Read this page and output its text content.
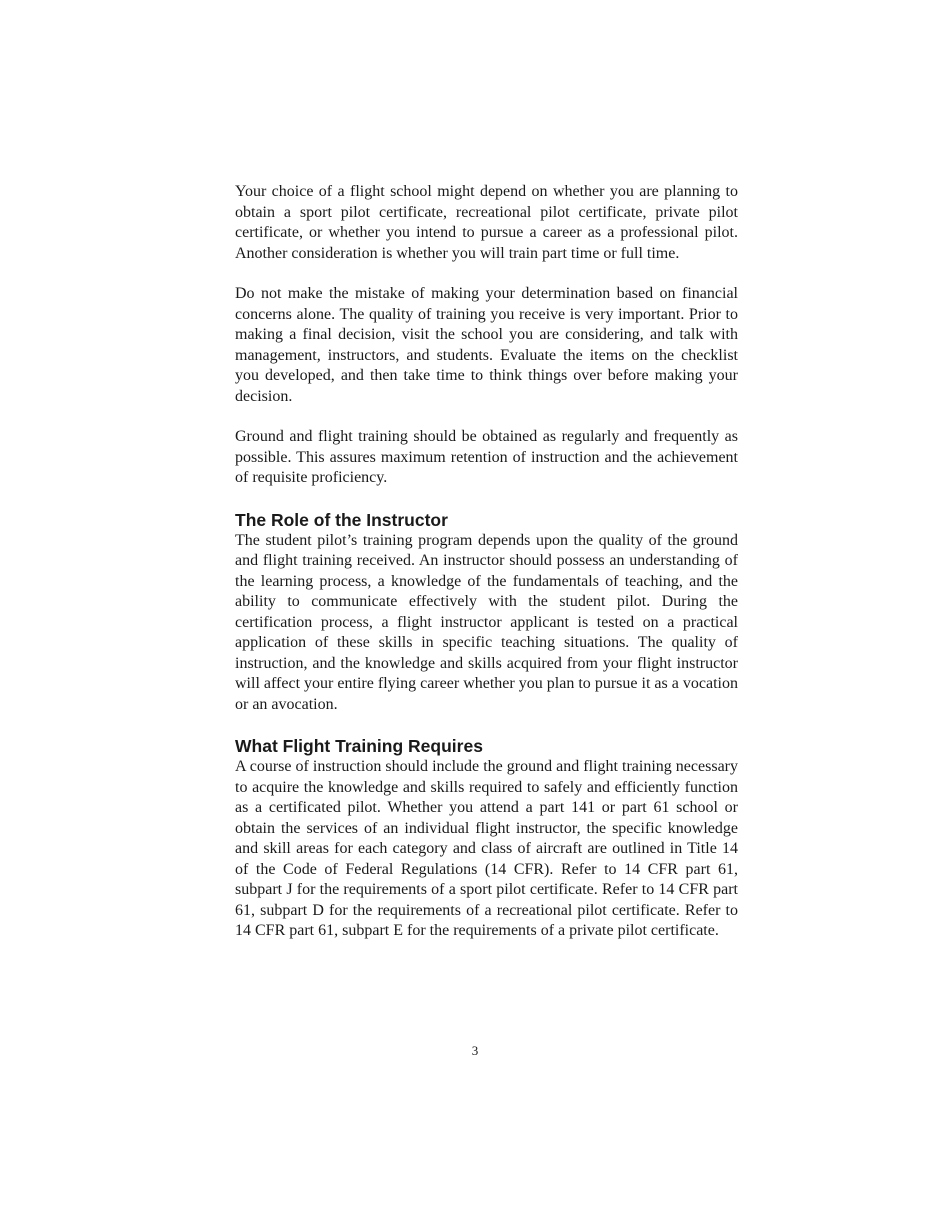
Your choice of a flight school might depend on whether you are planning to obtain a sport pilot certificate, recreational pilot certificate, private pilot certificate, or whether you intend to pursue a career as a professional pilot. Another consideration is whether you will train part time or full time.

Do not make the mistake of making your determination based on financial concerns alone. The quality of training you receive is very important. Prior to making a final decision, visit the school you are considering, and talk with management, instructors, and students. Evaluate the items on the checklist you developed, and then take time to think things over before making your decision.

Ground and flight training should be obtained as regularly and frequently as possible. This assures maximum retention of instruction and the achievement of requisite proficiency.

The Role of the Instructor

The student pilot’s training program depends upon the quality of the ground and flight training received. An instructor should possess an understanding of the learning process, a knowledge of the fundamentals of teaching, and the ability to communicate effectively with the student pilot. During the certification process, a flight instructor applicant is tested on a practical application of these skills in specific teaching situations. The quality of instruction, and the knowledge and skills acquired from your flight instructor will affect your entire flying career whether you plan to pursue it as a vocation or an avocation.

What Flight Training Requires

A course of instruction should include the ground and flight training necessary to acquire the knowledge and skills required to safely and efficiently function as a certificated pilot. Whether you attend a part 141 or part 61 school or obtain the services of an individual flight instructor, the specific knowledge and skill areas for each category and class of aircraft are outlined in Title 14 of the Code of Federal Regulations (14 CFR). Refer to 14 CFR part 61, subpart J for the requirements of a sport pilot certificate. Refer to 14 CFR part 61, subpart D for the requirements of a recreational pilot certificate. Refer to 14 CFR part 61, subpart E for the requirements of a private pilot certificate.

3
